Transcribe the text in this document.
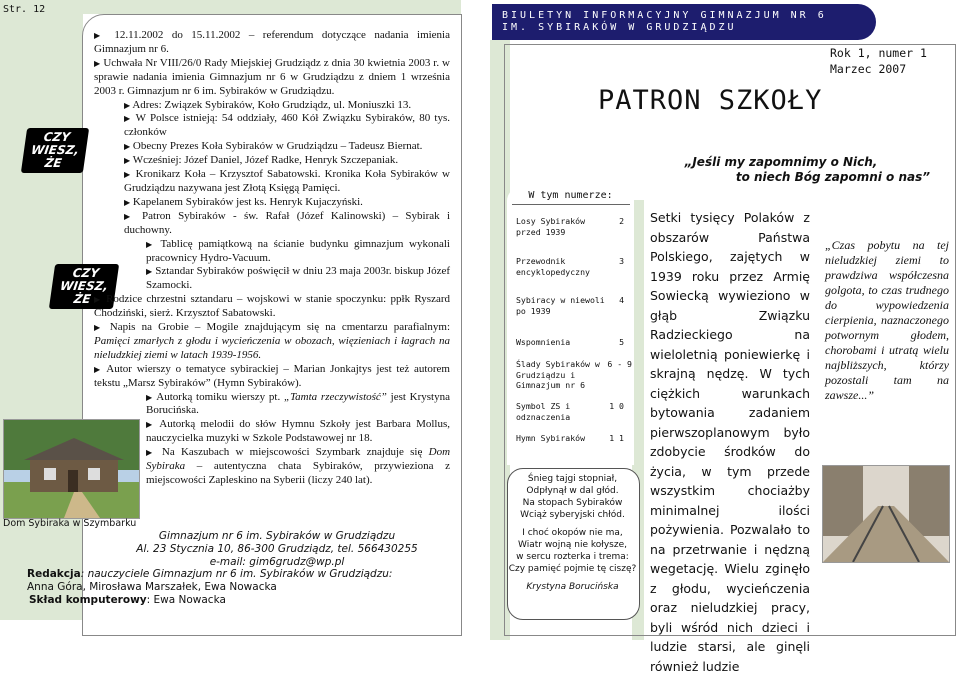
Str. 12
CZY
WIESZ, ŻE
CZY
WIESZ, ŻE

▶ 12.11.2002 do 15.11.2002 – referendum dotyczące nadania imienia Gimnazjum nr 6.

▶ Uchwała Nr VIII/26/0 Rady Miejskiej Grudziądz z dnia 30 kwietnia 2003 r. w sprawie nadania imienia Gimnazjum nr 6 w Grudziądzu z dniem 1 września 2003 r. Gimnazjum nr 6 im. Sybiraków w Grudziądzu.

▶ Adres: Związek Sybiraków, Koło Grudziądz, ul. Moniuszki 13.

▶ W Polsce istnieją: 54 oddziały, 460 Kół Związku Sybiraków, 80 tys. członków

▶ Obecny Prezes Koła Sybiraków w Grudziądzu – Tadeusz Biernat.

▶ Wcześniej: Józef Daniel, Józef Radke, Henryk Szczepaniak.

▶ Kronikarz Koła – Krzysztof Sabatowski. Kronika Koła Sybiraków w Grudziądzu nazywana jest Złotą Księgą Pamięci.

▶ Kapelanem Sybiraków jest ks. Henryk Kujaczyński.

▶ Patron Sybiraków - św. Rafał (Józef Kalinowski) – Sybirak i duchowny.

▶ Tablicę pamiątkową na ścianie budynku gimnazjum wykonali pracownicy Hydro-Vacuum.

▶ Sztandar Sybiraków poświęcił w dniu 23 maja 2003r. biskup Józef Szamocki.

▶ Rodzice chrzestni sztandaru – wojskowi w stanie spoczynku: ppłk Ryszard Chodziński, sierż. Krzysztof Sabatowski.

▶ Napis na Grobie – Mogile znajdującym się na cmentarzu parafialnym: Pamięci zmarłych z głodu i wycieńczenia w obozach, więzieniach i łagrach na nieludzkiej ziemi w latach 1939-1956.

▶ Autor wierszy o tematyce sybirackiej – Marian Jonkajtys jest też autorem tekstu „Marsz Sybiraków” (Hymn Sybiraków).

▶ Autorką tomiku wierszy pt. „Tamta rzeczywistość” jest Krystyna Borucińska.

▶ Autorką melodii do słów Hymnu Szkoły jest Barbara Mollus, nauczycielka muzyki w Szkole Podstawowej nr 18.

▶ Na Kaszubach w miejscowości Szymbark znajduje się Dom Sybiraka – autentyczna chata Sybiraków, przywieziona z miejscowości Zapleskino na Syberii (liczy 240 lat).

Dom Sybiraka w Szymbarku
Gimnazjum nr 6 im. Sybiraków w Grudziądzu
Al. 23 Stycznia 10, 86-300 Grudziądz, tel. 566430255
e-mail: gim6grudz@wp.pl
Redakcja: nauczyciele Gimnazjum nr 6 im. Sybiraków w Grudziądzu:
Anna Góra, Mirosława Marszałek, Ewa Nowacka
Skład komputerowy: Ewa Nowacka
BIULETYN INFORMACYJNY GIMNAZJUM NR 6
IM. SYBIRAKÓW W GRUDZIĄDZU
Rok 1, numer 1
Marzec 2007
PATRON SZKOŁY
„Jeśli my zapomnimy o Nich,
to niech Bóg zapomni o nas”
W tym numerze:
Losy Sybiraków przed 1939
2
Przewodnik encyklopedyczny
3
Sybiracy w niewoli po 1939
4
Wspomnienia	5
Ślady Sybiraków w Grudziądzu i Gimnazjum nr 6
6 - 9
Symbol ZS i odznaczenia
1 0
Hymn Sybiraków	1 1

Śnieg tajgi stopniał,
Odpłynął w dal głód.
Na stopach Sybiraków
Wciąż syberyjski chłód.

I choć okopów nie ma,
Wiatr wojną nie kołysze,
w sercu rozterka i trema:
Czy pamięć pojmie tę ciszę?

Krystyna Borucińska
Setki tysięcy Polaków z obszarów Państwa Polskiego, zajętych w 1939 roku przez Armię Sowiecką wywieziono w głąb Związku Radzieckiego na wieloletnią poniewierkę i skrajną nędzę. W tych ciężkich warunkach bytowania zadaniem pierwszoplanowym było zdobycie środków do życia, w tym przede wszystkim chociażby minimalnej ilości pożywienia. Pozwalało to na przetrwanie i nędzną wegetację. Wielu zginęło z głodu, wycieńczenia oraz nieludzkiej pracy, byli wśród nich dzieci i ludzie starsi, ale ginęli również ludzie
„Czas pobytu na tej nieludzkiej ziemi to prawdziwa współczesna golgota, to czas trudnego do wypowiedzenia cierpienia, naznaczonego potwornym głodem, chorobami i utratą wielu najbliższych, którzy pozostali tam na zawsze...”
